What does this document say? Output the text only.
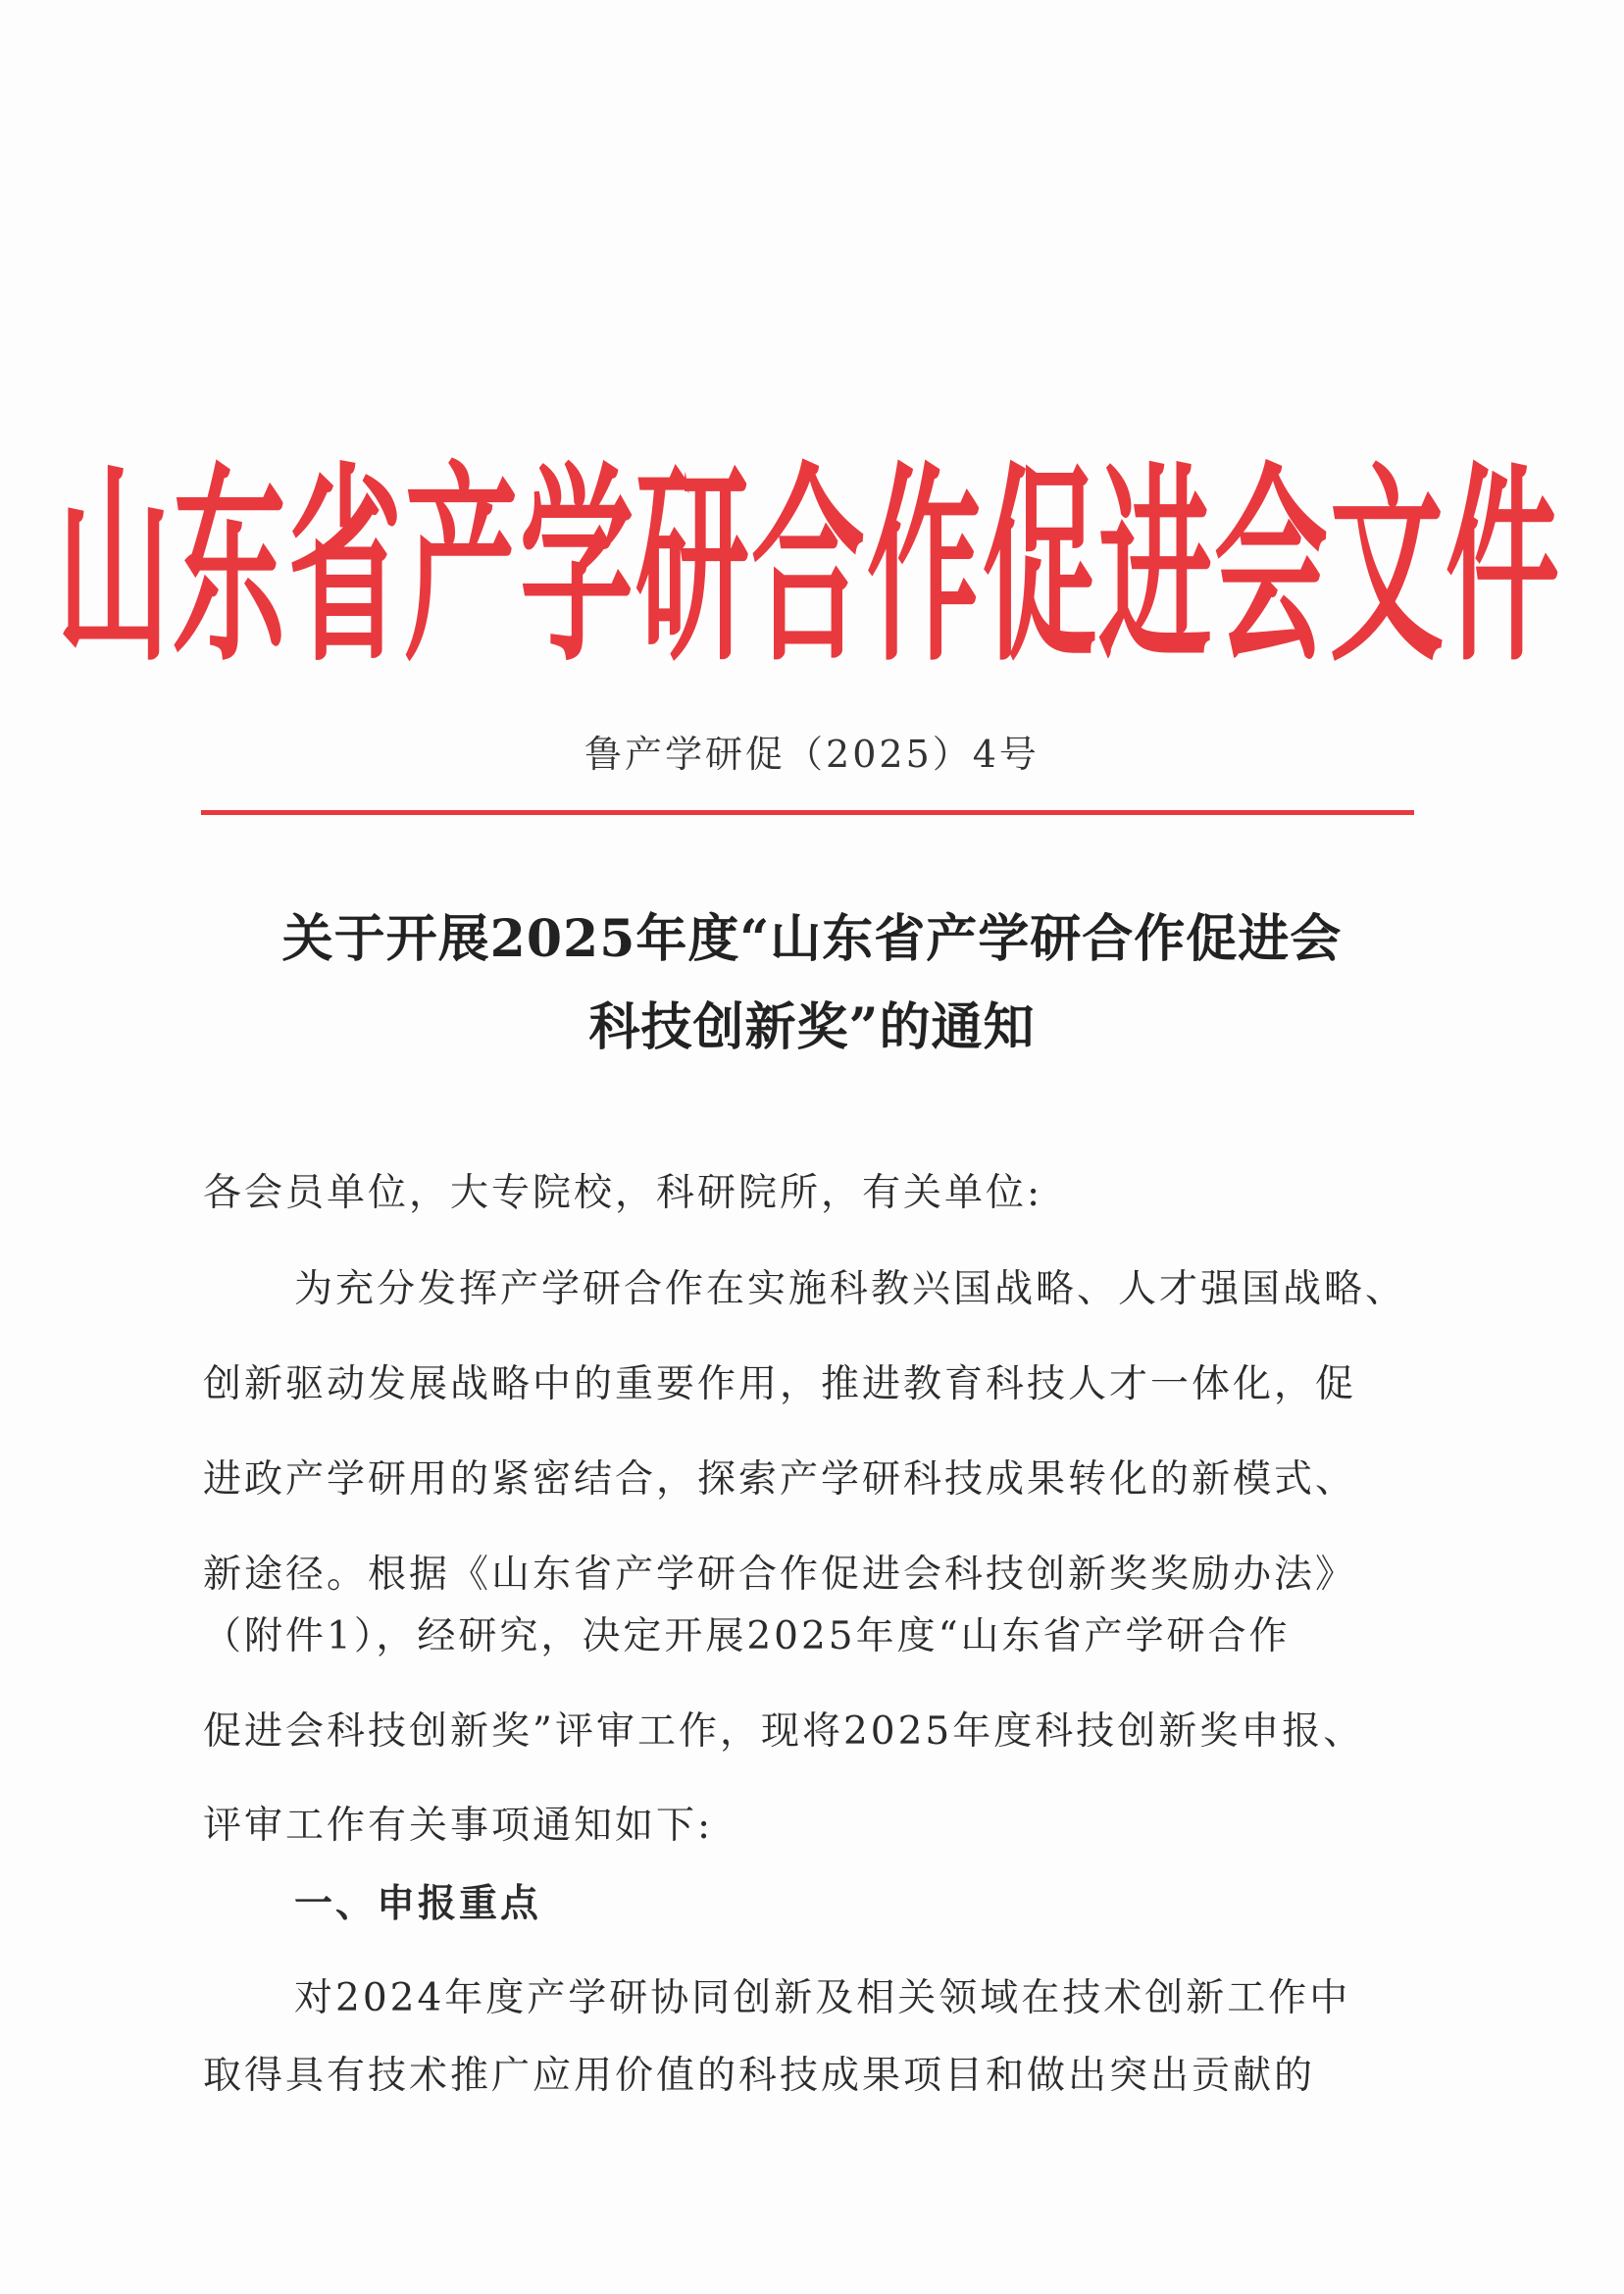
山东省产学研合作促进会文件
鲁产学研促（2025）4号
关于开展2025年度“山东省产学研合作促进会
科技创新奖”的通知
各会员单位，大专院校，科研院所，有关单位:
为充分发挥产学研合作在实施科教兴国战略、人才强国战略、
创新驱动发展战略中的重要作用，推进教育科技人才一体化，促
进政产学研用的紧密结合，探索产学研科技成果转化的新模式、
新途径。根据《山东省产学研合作促进会科技创新奖奖励办法》
（附件1），经研究，决定开展2025年度“山东省产学研合作
促进会科技创新奖”评审工作，现将2025年度科技创新奖申报、
评审工作有关事项通知如下:
一、申报重点
对2024年度产学研协同创新及相关领域在技术创新工作中
取得具有技术推广应用价值的科技成果项目和做出突出贡献的
